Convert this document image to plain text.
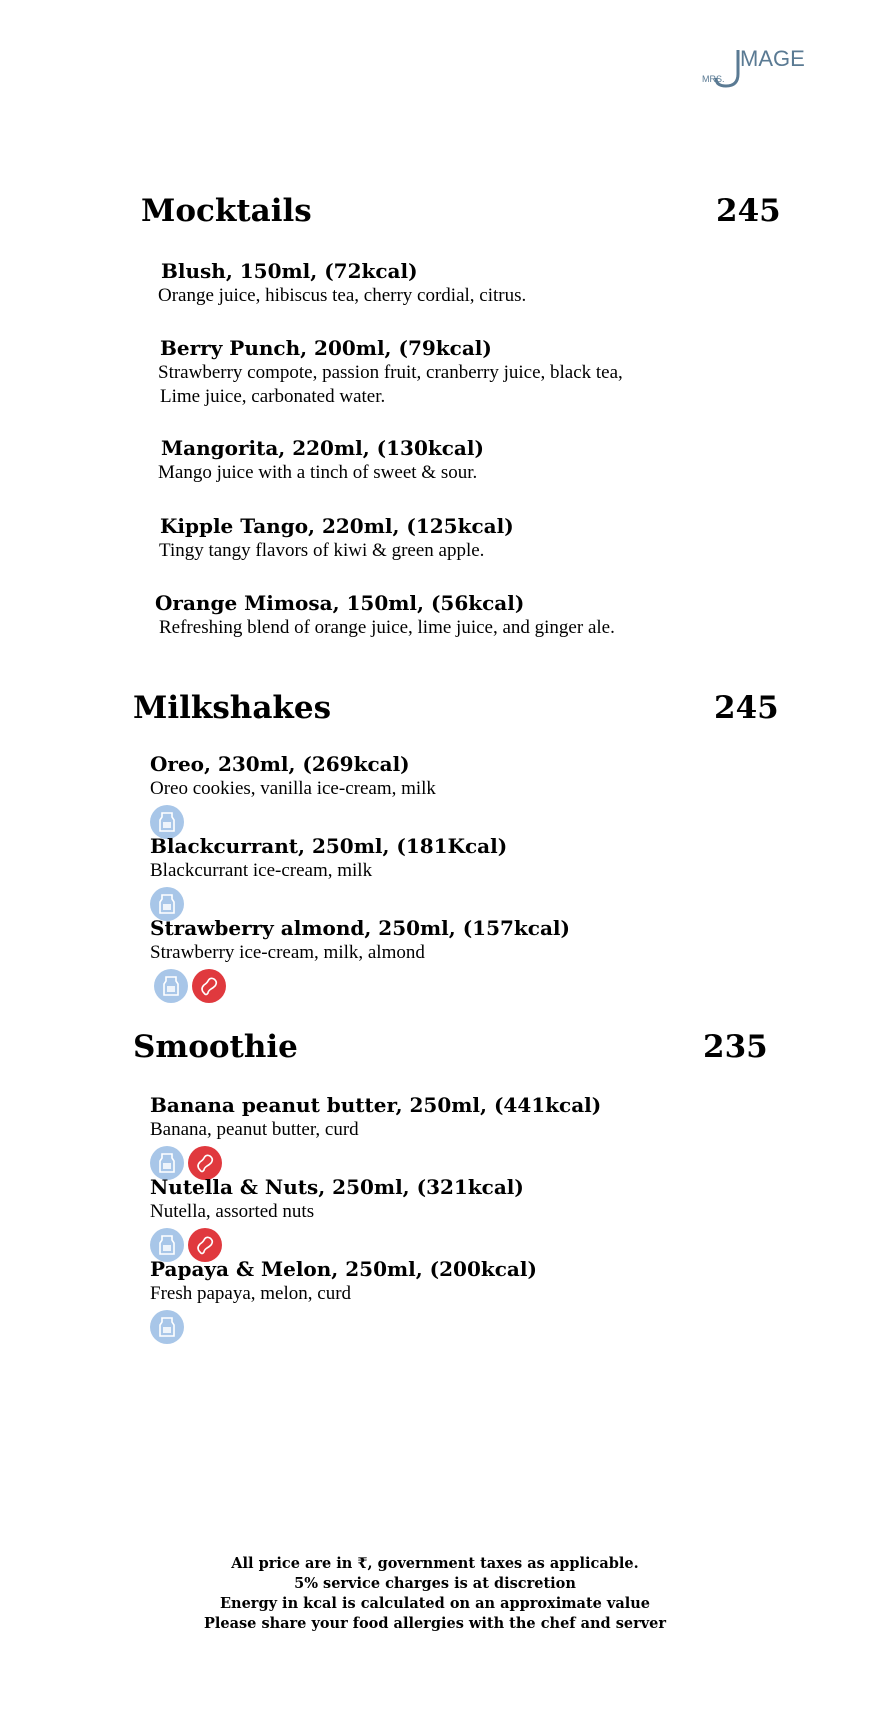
MRS.
MAGE
Mocktails	245
Blush, 150ml, (72kcal)
Orange juice, hibiscus tea, cherry cordial, citrus.
Berry Punch, 200ml, (79kcal)
Strawberry compote, passion fruit, cranberry juice, black tea,
Lime juice, carbonated water.
Mangorita, 220ml, (130kcal)
Mango juice with a tinch of sweet & sour.
Kipple Tango, 220ml, (125kcal)
Tingy tangy flavors of kiwi & green apple.
Orange Mimosa, 150ml, (56kcal)
Refreshing blend of orange juice, lime juice, and ginger ale.
Milkshakes	245
Oreo, 230ml, (269kcal)
Oreo cookies, vanilla ice-cream, milk
Blackcurrant, 250ml, (181Kcal)
Blackcurrant ice-cream, milk
Strawberry almond, 250ml, (157kcal)
Strawberry ice-cream, milk, almond
Smoothie	235
Banana peanut butter, 250ml, (441kcal)
Banana, peanut butter, curd
Nutella & Nuts, 250ml, (321kcal)
Nutella, assorted nuts
Papaya & Melon, 250ml, (200kcal)
Fresh papaya, melon, curd
All price are in ₹, government taxes as applicable.
5% service charges is at discretion
Energy in kcal is calculated on an approximate value
Please share your food allergies with the chef and server
